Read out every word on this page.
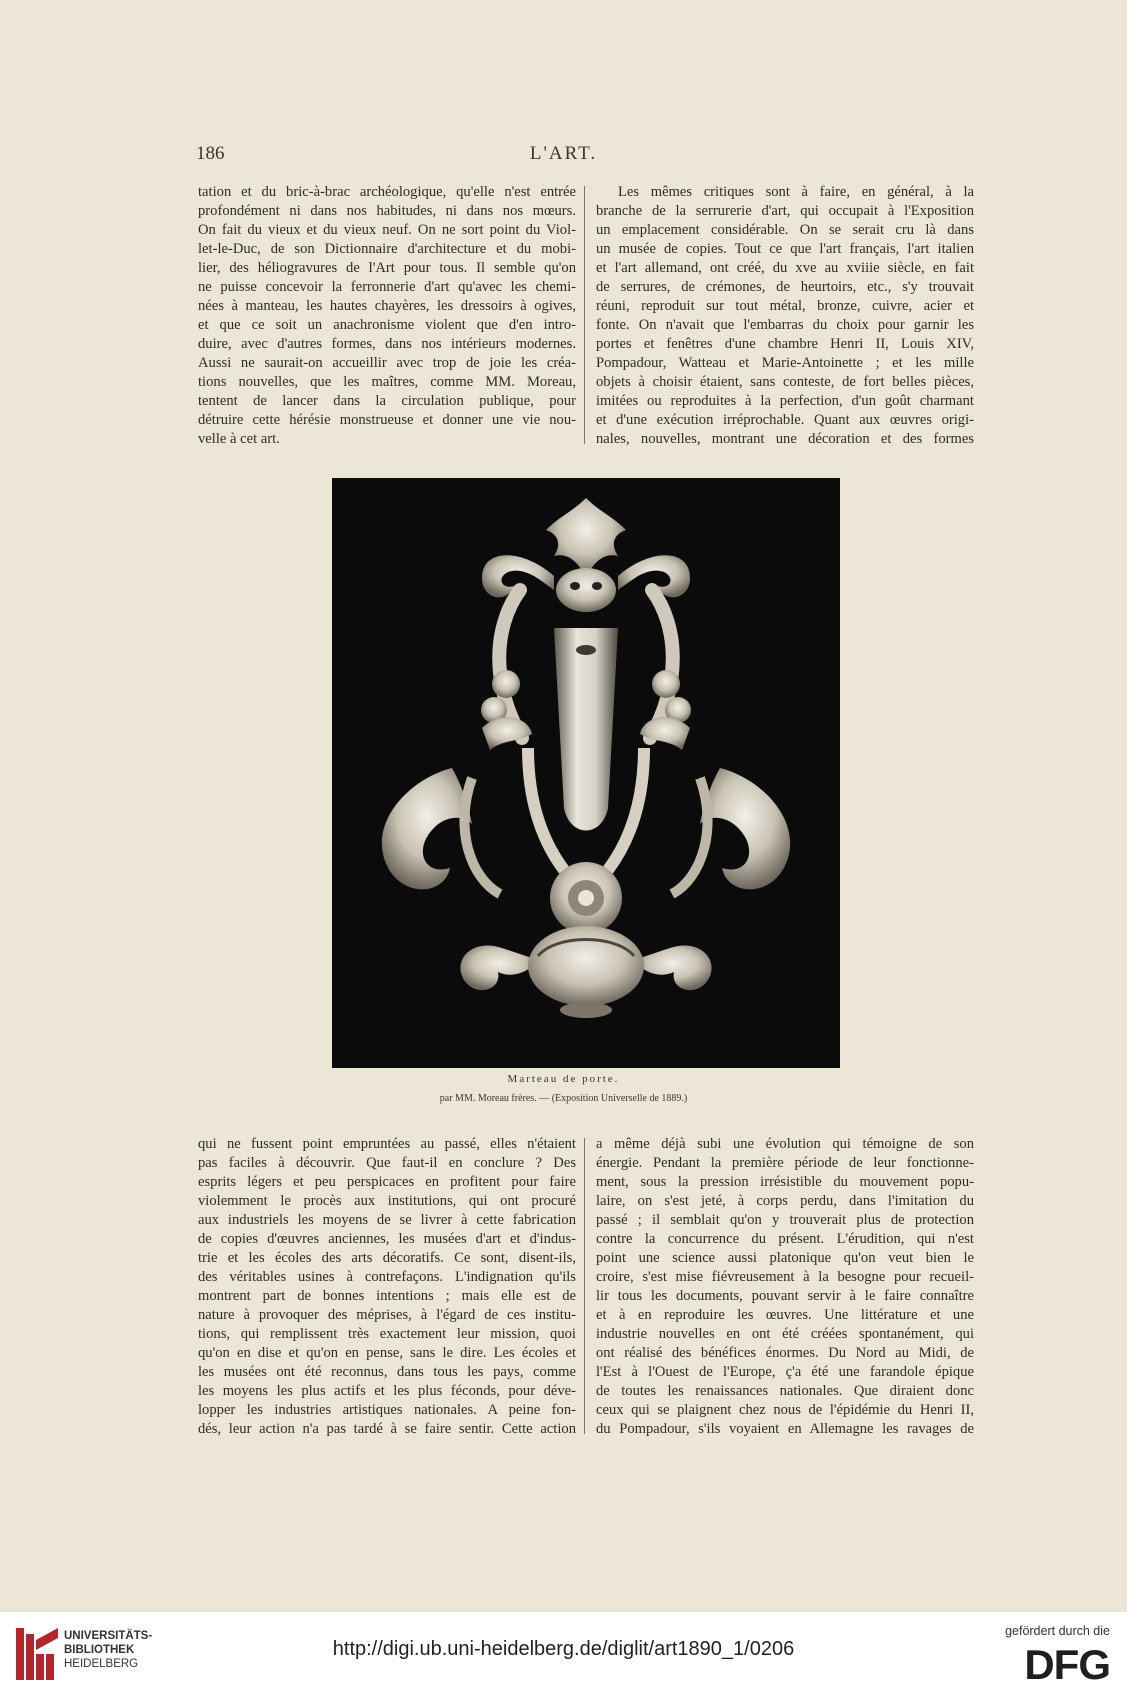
186	L'ART.

tation et du bric-à-brac archéologique, qu'elle n'est entrée

profondément ni dans nos habitudes, ni dans nos mœurs.

On fait du vieux et du vieux neuf. On ne sort point du Viol-

let-le-Duc, de son Dictionnaire d'architecture et du mobi-

lier, des héliogravures de l'Art pour tous. Il semble qu'on

ne puisse concevoir la ferronnerie d'art qu'avec les chemi-

nées à manteau, les hautes chayères, les dressoirs à ogives,

et que ce soit un anachronisme violent que d'en intro-

duire, avec d'autres formes, dans nos intérieurs modernes.

Aussi ne saurait-on accueillir avec trop de joie les créa-

tions nouvelles, que les maîtres, comme MM. Moreau,

tentent de lancer dans la circulation publique, pour

détruire cette hérésie monstrueuse et donner une vie nou-

velle à cet art.

Les mêmes critiques sont à faire, en général, à la

branche de la serrurerie d'art, qui occupait à l'Exposition

un emplacement considérable. On se serait cru là dans

un musée de copies. Tout ce que l'art français, l'art italien

et l'art allemand, ont créé, du xve au xviiie siècle, en fait

de serrures, de crémones, de heurtoirs, etc., s'y trouvait

réuni, reproduit sur tout métal, bronze, cuivre, acier et

fonte. On n'avait que l'embarras du choix pour garnir les

portes et fenêtres d'une chambre Henri II, Louis XIV,

Pompadour, Watteau et Marie-Antoinette ; et les mille

objets à choisir étaient, sans conteste, de fort belles pièces,

imitées ou reproduites à la perfection, d'un goût charmant

et d'une exécution irréprochable. Quant aux œuvres origi-

nales, nouvelles, montrant une décoration et des formes

Marteau de porte.
par MM. Moreau frères. — (Exposition Universelle de 1889.)

qui ne fussent point empruntées au passé, elles n'étaient

pas faciles à découvrir. Que faut-il en conclure ? Des

esprits légers et peu perspicaces en profitent pour faire

violemment le procès aux institutions, qui ont procuré

aux industriels les moyens de se livrer à cette fabrication

de copies d'œuvres anciennes, les musées d'art et d'indus-

trie et les écoles des arts décoratifs. Ce sont, disent-ils,

des véritables usines à contrefaçons. L'indignation qu'ils

montrent part de bonnes intentions ; mais elle est de

nature à provoquer des méprises, à l'égard de ces institu-

tions, qui remplissent très exactement leur mission, quoi

qu'on en dise et qu'on en pense, sans le dire. Les écoles et

les musées ont été reconnus, dans tous les pays, comme

les moyens les plus actifs et les plus féconds, pour déve-

lopper les industries artistiques nationales. A peine fon-

dés, leur action n'a pas tardé à se faire sentir. Cette action

a même déjà subi une évolution qui témoigne de son

énergie. Pendant la première période de leur fonctionne-

ment, sous la pression irrésistible du mouvement popu-

laire, on s'est jeté, à corps perdu, dans l'imitation du

passé ; il semblait qu'on y trouverait plus de protection

contre la concurrence du présent. L'érudition, qui n'est

point une science aussi platonique qu'on veut bien le

croire, s'est mise fiévreusement à la besogne pour recueil-

lir tous les documents, pouvant servir à le faire connaître

et à en reproduire les œuvres. Une littérature et une

industrie nouvelles en ont été créées spontanément, qui

ont réalisé des bénéfices énormes. Du Nord au Midi, de

l'Est à l'Ouest de l'Europe, ç'a été une farandole épique

de toutes les renaissances nationales. Que diraient donc

ceux qui se plaignent chez nous de l'épidémie du Henri II,

du Pompadour, s'ils voyaient en Allemagne les ravages de

UNIVERSITÄTS-
BIBLIOTHEK
HEIDELBERG
http://digi.ub.uni-heidelberg.de/diglit/art1890_1/0206
gefördert durch die
DFG
